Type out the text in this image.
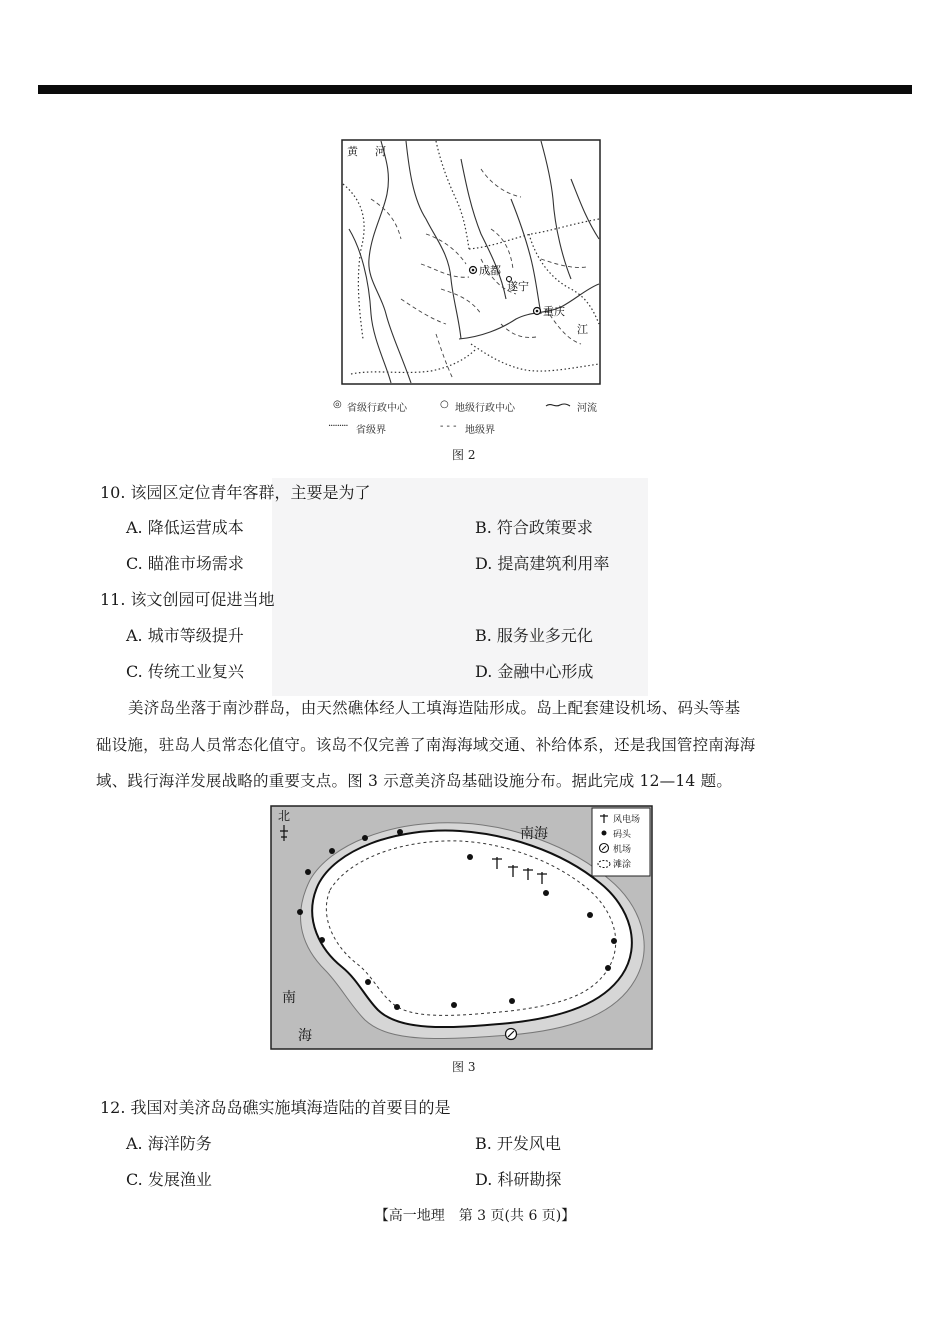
黄 河
成都
遂宁
重庆
江
◎ 省级行政中心	○ 地级行政中心	河流
········· 省级界	- - - 地级界
图 2
10. 该园区定位青年客群，主要是为了
A. 降低运营成本	B. 符合政策要求
C. 瞄准市场需求	D. 提高建筑利用率
11. 该文创园可促进当地
A. 城市等级提升	B. 服务业多元化
C. 传统工业复兴	D. 金融中心形成
美济岛坐落于南沙群岛，由天然礁体经人工填海造陆形成。岛上配套建设机场、码头等基
础设施，驻岛人员常态化值守。该岛不仅完善了南海海域交通、补给体系，还是我国管控南海海
域、践行海洋发展战略的重要支点。图 3 示意美济岛基础设施分布。据此完成 12—14 题。
北
南海
南
海
风电场
码头
机场
滩涂
图 3
12. 我国对美济岛岛礁实施填海造陆的首要目的是
A. 海洋防务	B. 开发风电
C. 发展渔业	D. 科研勘探
【高一地理　第 3 页(共 6 页)】
